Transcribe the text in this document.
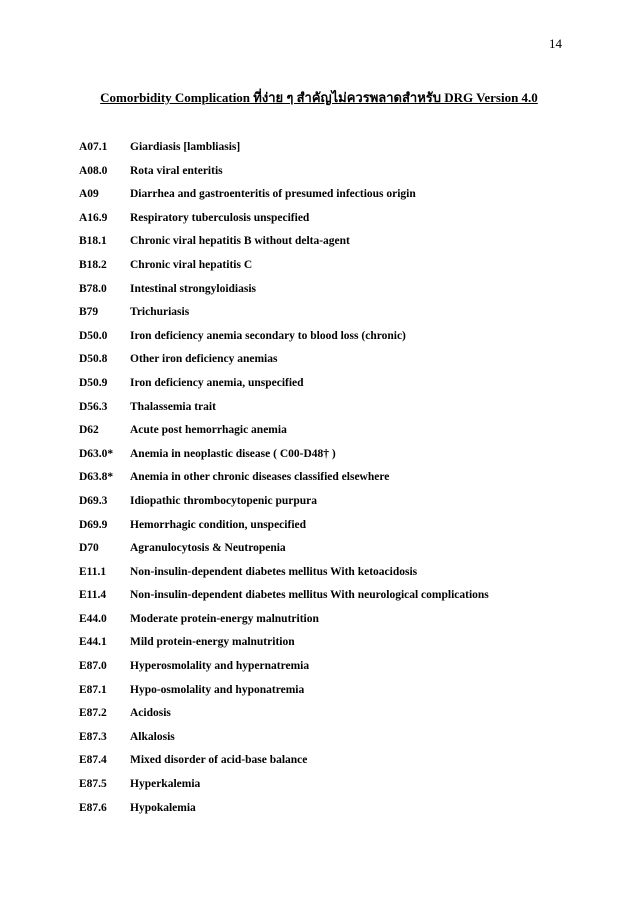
14
Comorbidity Complication ที่ง่าย ๆ สำคัญไม่ควรพลาดสำหรับ DRG Version 4.0
A07.1	Giardiasis [lambliasis]
A08.0	Rota viral enteritis
A09	Diarrhea and gastroenteritis of presumed infectious origin
A16.9	Respiratory tuberculosis unspecified
B18.1	Chronic viral hepatitis B without delta-agent
B18.2	Chronic viral hepatitis C
B78.0	Intestinal strongyloidiasis
B79	Trichuriasis
D50.0	Iron deficiency anemia secondary to blood loss (chronic)
D50.8	Other iron deficiency anemias
D50.9	Iron deficiency anemia, unspecified
D56.3	Thalassemia trait
D62	Acute post hemorrhagic anemia
D63.0*	Anemia in neoplastic disease ( C00-D48† )
D63.8*	Anemia in other chronic diseases classified elsewhere
D69.3	Idiopathic thrombocytopenic purpura
D69.9	Hemorrhagic condition, unspecified
D70	Agranulocytosis & Neutropenia
E11.1	Non-insulin-dependent diabetes mellitus With ketoacidosis
E11.4	Non-insulin-dependent diabetes mellitus With neurological complications
E44.0	Moderate protein-energy malnutrition
E44.1	Mild protein-energy malnutrition
E87.0	Hyperosmolality and hypernatremia
E87.1	Hypo-osmolality and hyponatremia
E87.2	Acidosis
E87.3	Alkalosis
E87.4	Mixed disorder of acid-base balance
E87.5	Hyperkalemia
E87.6	Hypokalemia
